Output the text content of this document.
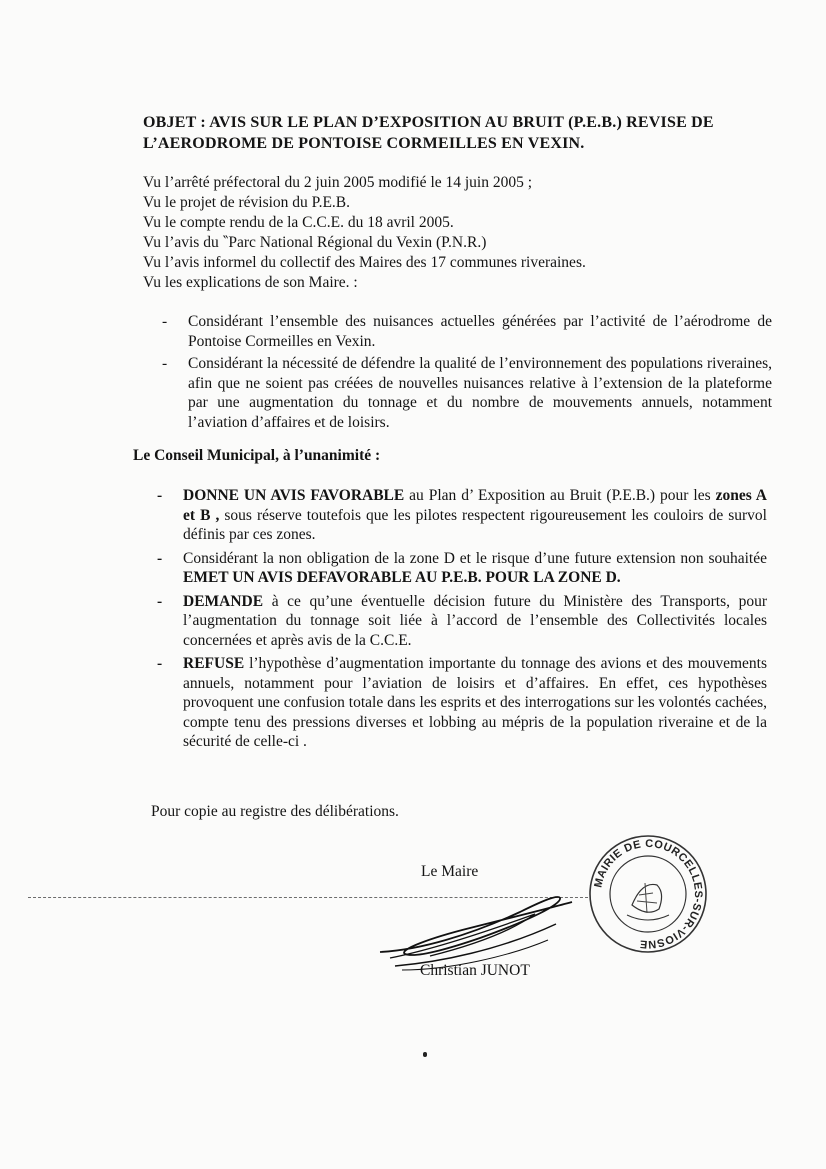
OBJET : AVIS SUR LE PLAN D’EXPOSITION AU BRUIT (P.E.B.) REVISE DE
L’AERODROME DE PONTOISE CORMEILLES EN VEXIN.
Vu l’arrêté préfectoral du 2 juin 2005 modifié le 14 juin 2005 ;
Vu le projet de révision du P.E.B.
Vu le compte rendu de la C.C.E. du 18 avril 2005.
Vu l’avis du ‶Parc National Régional du Vexin (P.N.R.)
Vu l’avis informel du collectif des Maires des 17 communes riveraines.
Vu les explications de son Maire. :
- Considérant l’ensemble des nuisances actuelles générées par l’activité de l’aérodrome de Pontoise Cormeilles en Vexin.
- Considérant la nécessité de défendre la qualité de l’environnement des populations riveraines, afin que ne soient pas créées de nouvelles nuisances relative à l’extension de la plateforme par une augmentation du tonnage et du nombre de mouvements annuels, notamment l’aviation d’affaires et de loisirs.
Le Conseil Municipal, à l’unanimité :
- DONNE UN AVIS FAVORABLE au Plan d’ Exposition au Bruit (P.E.B.) pour les zones A et B , sous réserve toutefois que les pilotes respectent rigoureusement les couloirs de survol définis par ces zones.
- Considérant la non obligation de la zone D et le risque d’une future extension non souhaitée EMET UN AVIS DEFAVORABLE AU P.E.B. POUR LA ZONE D.
- DEMANDE à ce qu’une éventuelle décision future du Ministère des Transports, pour l’augmentation du tonnage soit liée à l’accord de l’ensemble des Collectivités locales concernées et après avis de la C.C.E.
- REFUSE l’hypothèse d’augmentation importante du tonnage des avions et des mouvements annuels, notamment pour l’aviation de loisirs et d’affaires. En effet, ces hypothèses provoquent une confusion totale dans les esprits et des interrogations sur les volontés cachées, compte tenu des pressions diverses et lobbing au mépris de la population riveraine et de la sécurité de celle-ci .
Pour copie au registre des délibérations.
Le Maire
MAIRIE DE COURCELLES-SUR-VIOSNE
Christian JUNOT
